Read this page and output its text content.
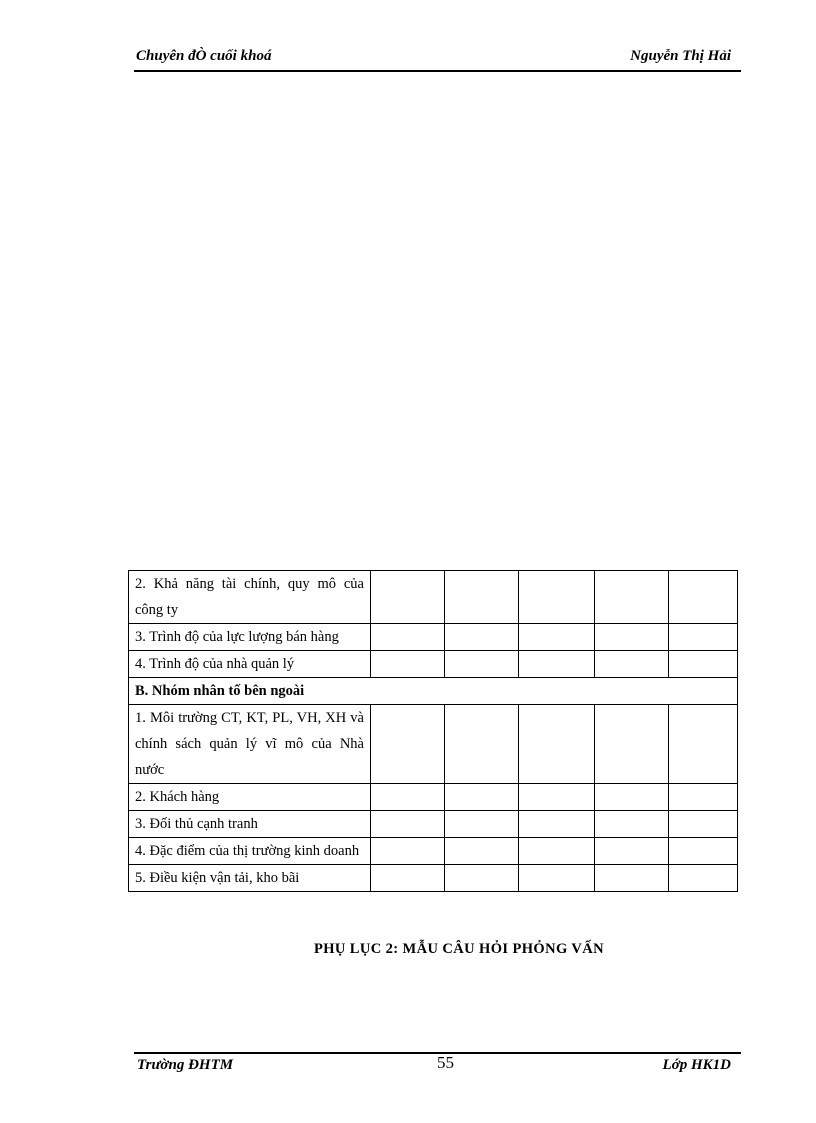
Chuyên đÒ cuối khoá	Nguyễn Thị Hải
2. Khả năng tài chính, quy mô của công ty					
3. Trình độ của lực lượng bán hàng					
4. Trình độ của nhà quản lý					
B. Nhóm nhân tố bên ngoài					
1. Môi trường CT, KT, PL, VH, XH và chính sách quản lý vĩ mô của Nhà nước					
2. Khách hàng					
3. Đối thủ cạnh tranh					
4. Đặc điểm của thị trường kinh doanh					
5. Điều kiện vận tải, kho bãi					
PHỤ LỤC 2: MẪU CÂU HỎI PHỎNG VẤN
Trường ĐHTM	55	Lớp HK1D
